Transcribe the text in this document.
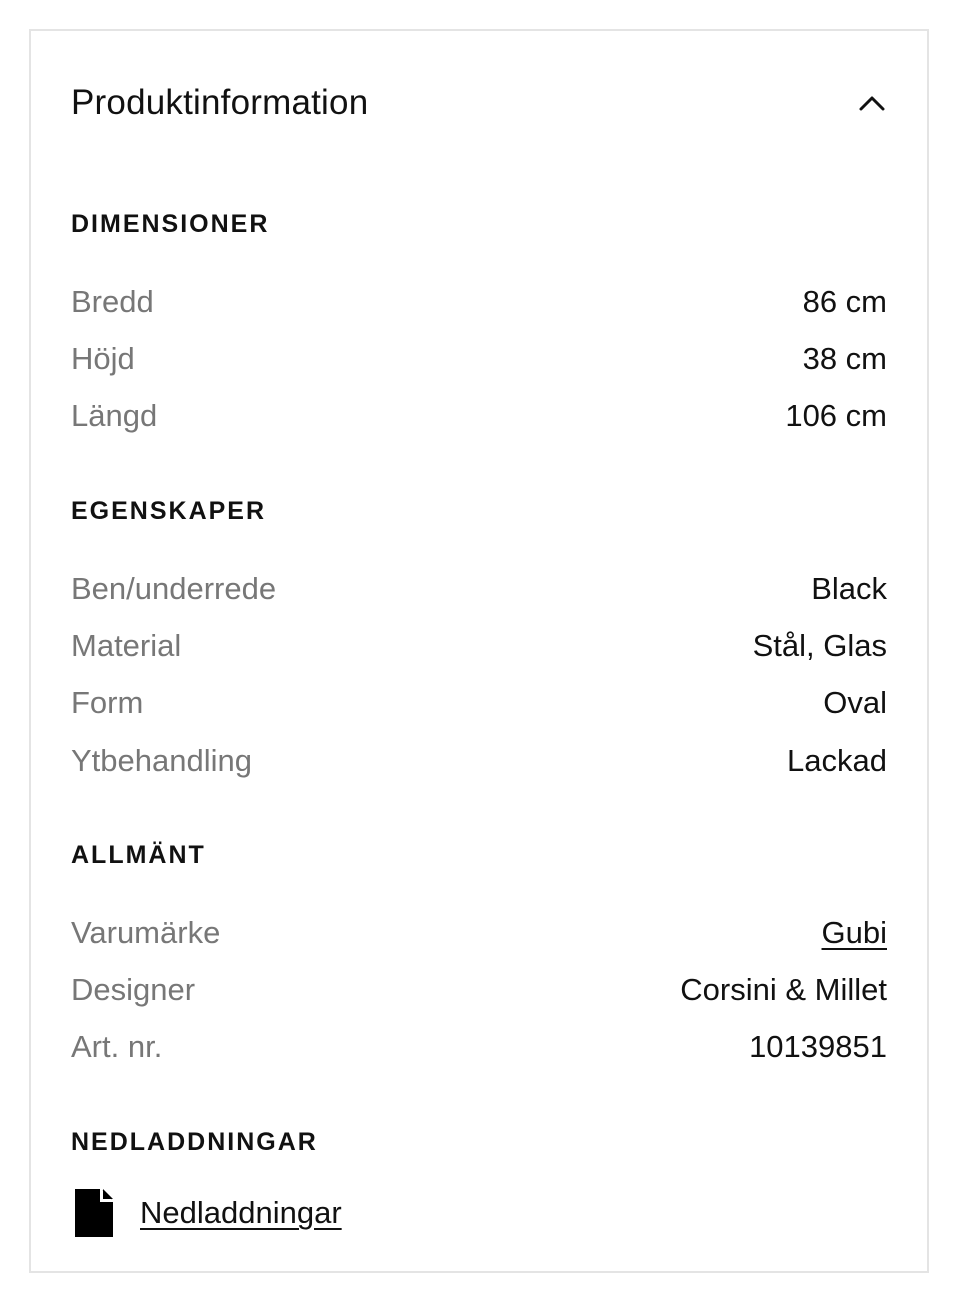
Produktinformation
DIMENSIONER
Bredd	86 cm
Höjd	38 cm
Längd	106 cm
EGENSKAPER
Ben/underrede	Black
Material	Stål, Glas
Form	Oval
Ytbehandling	Lackad
ALLMÄNT
Varumärke	Gubi
Designer	Corsini & Millet
Art. nr.	10139851
NEDLADDNINGAR
Nedladdningar
